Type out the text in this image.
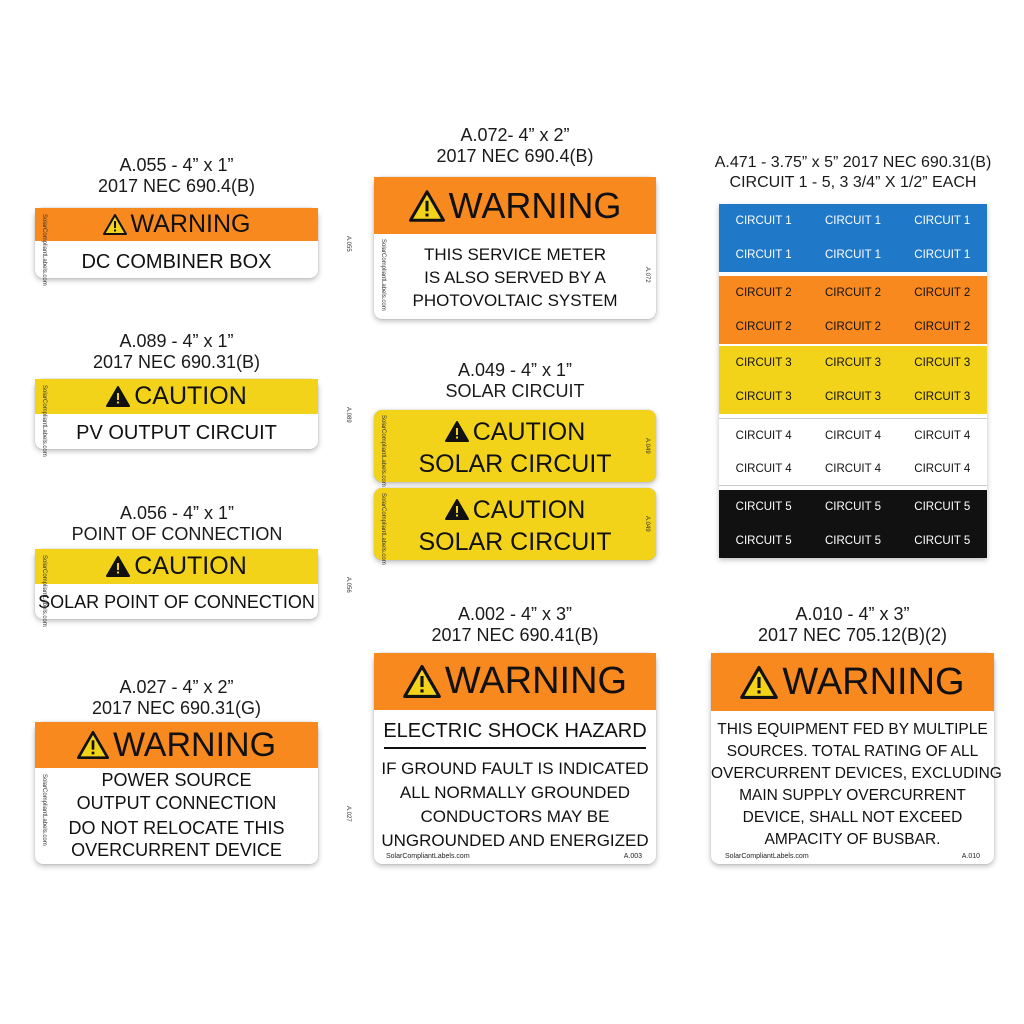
A.055 - 4” x 1”
2017 NEC 690.4(B)
WARNING
DC COMBINER BOX
SolarCompliantLabels.com	A.055
A.089 - 4” x 1”
2017 NEC 690.31(B)
CAUTION
PV OUTPUT CIRCUIT
SolarCompliantLabels.com	A.089
A.056 - 4” x 1”
POINT OF CONNECTION
CAUTION
SOLAR POINT OF CONNECTION
SolarCompliantLabels.com	A.056
A.027 - 4” x 2”
2017 NEC 690.31(G)
WARNING
POWER SOURCE
OUTPUT CONNECTION
DO NOT RELOCATE THIS
OVERCURRENT DEVICE
SolarCompliantLabels.com	A.027
A.072- 4” x 2”
2017 NEC 690.4(B)
WARNING
THIS SERVICE METER
IS ALSO SERVED BY A
PHOTOVOLTAIC SYSTEM
SolarCompliantLabels.com	A.072
A.049 - 4” x 1”
SOLAR CIRCUIT
CAUTION
SOLAR CIRCUIT
SolarCompliantLabels.com	A.049
CAUTION
SOLAR CIRCUIT
SolarCompliantLabels.com	A.049
A.002 - 4” x 3”
2017 NEC 690.41(B)
WARNING
ELECTRIC SHOCK HAZARD
IF GROUND FAULT IS INDICATED
ALL NORMALLY GROUNDED
CONDUCTORS MAY BE
UNGROUNDED AND ENERGIZED
SolarCompliantLabels.com	A.003
A.010 - 4” x 3”
2017 NEC 705.12(B)(2)
WARNING
THIS EQUIPMENT FED BY MULTIPLE
SOURCES. TOTAL RATING OF ALL
OVERCURRENT DEVICES, EXCLUDING
MAIN SUPPLY OVERCURRENT
DEVICE, SHALL NOT EXCEED
AMPACITY OF BUSBAR.
SolarCompliantLabels.com	A.010
A.471 - 3.75” x 5” 2017 NEC 690.31(B)
CIRCUIT 1 - 5, 3 3/4” X 1/2” EACH
CIRCUIT 1	CIRCUIT 1	CIRCUIT 1
CIRCUIT 1	CIRCUIT 1	CIRCUIT 1
CIRCUIT 2	CIRCUIT 2	CIRCUIT 2
CIRCUIT 2	CIRCUIT 2	CIRCUIT 2
CIRCUIT 3	CIRCUIT 3	CIRCUIT 3
CIRCUIT 3	CIRCUIT 3	CIRCUIT 3
CIRCUIT 4	CIRCUIT 4	CIRCUIT 4
CIRCUIT 4	CIRCUIT 4	CIRCUIT 4
CIRCUIT 5	CIRCUIT 5	CIRCUIT 5
CIRCUIT 5	CIRCUIT 5	CIRCUIT 5
